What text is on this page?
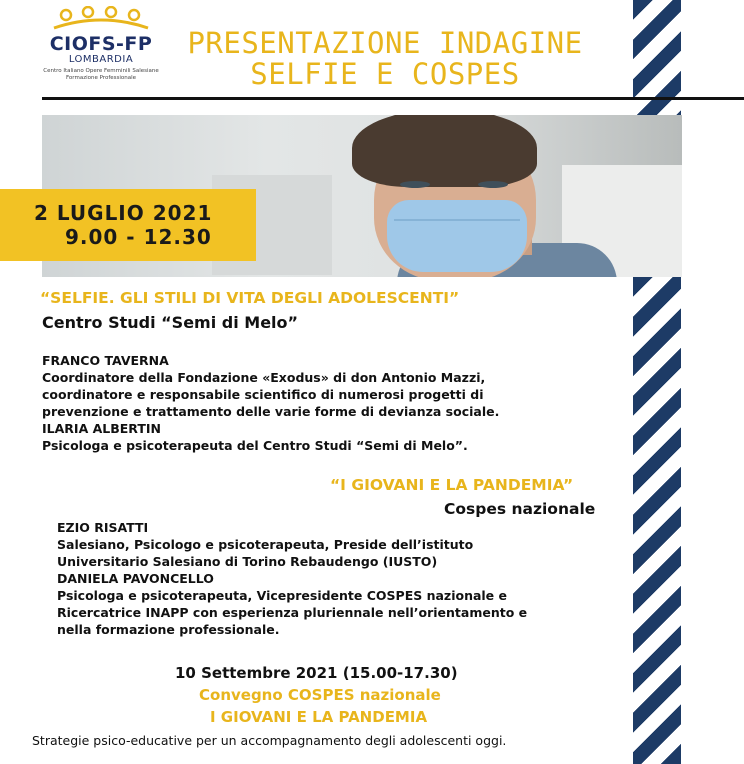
CIOFS-FP
LOMBARDIA
Centro Italiano Opere Femminili Salesiane
Formazione Professionale
PRESENTAZIONE INDAGINE
SELFIE E COSPES
2 LUGLIO 2021
9.00 - 12.30
“SELFIE. GLI STILI DI VITA DEGLI ADOLESCENTI”
Centro Studi “Semi di Melo”
FRANCO TAVERNA
Coordinatore della Fondazione «Exodus» di don Antonio Mazzi,
coordinatore e responsabile scientifico di numerosi progetti di
prevenzione e trattamento delle varie forme di devianza sociale.
ILARIA ALBERTIN
Psicologa e psicoterapeuta del Centro Studi “Semi di Melo”.
“I GIOVANI E LA PANDEMIA”
Cospes nazionale
EZIO RISATTI
Salesiano, Psicologo e psicoterapeuta, Preside dell’istituto
Universitario Salesiano di Torino Rebaudengo (IUSTO)
DANIELA PAVONCELLO
Psicologa e psicoterapeuta, Vicepresidente COSPES nazionale e
Ricercatrice INAPP con esperienza pluriennale nell’orientamento e
nella formazione professionale.
10 Settembre 2021 (15.00-17.30)
Convegno COSPES nazionale
I GIOVANI E LA PANDEMIA
Strategie psico-educative per un accompagnamento degli adolescenti oggi.
